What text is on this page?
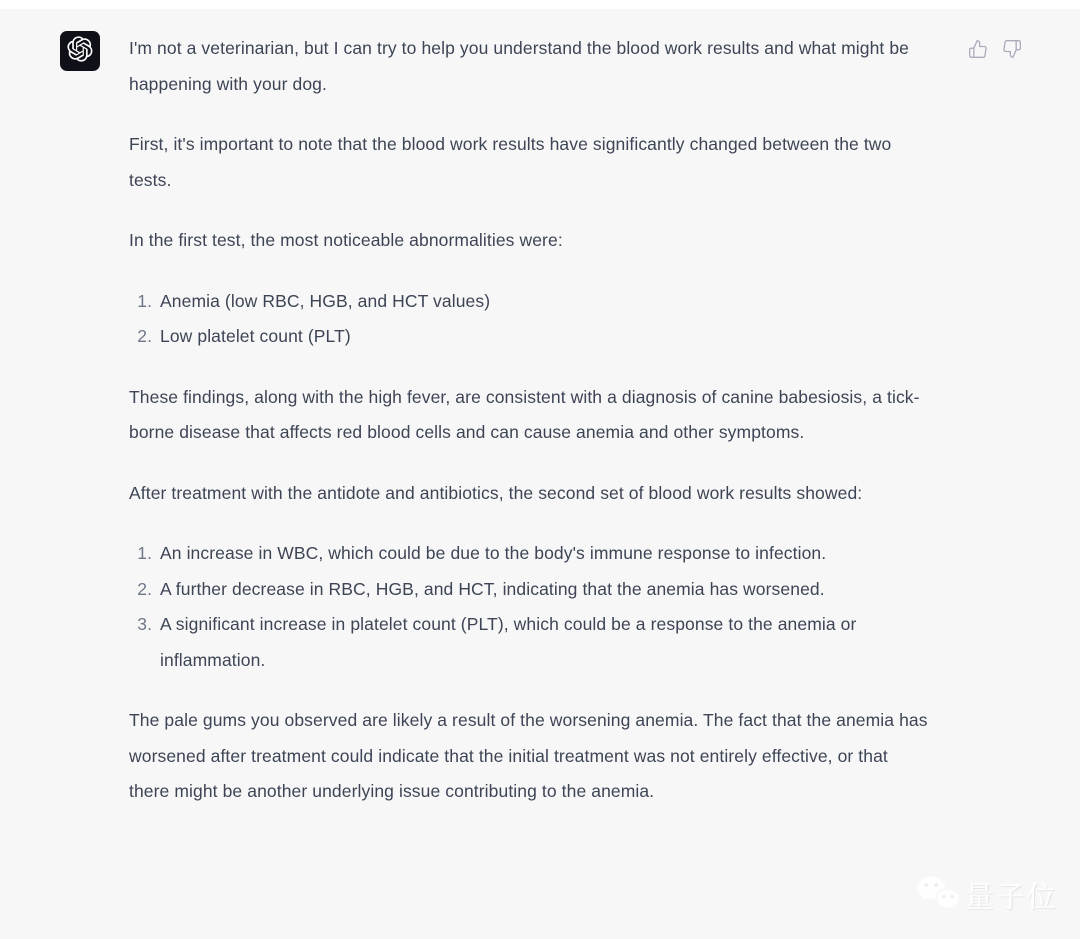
I'm not a veterinarian, but I can try to help you understand the blood work results and what might be happening with your dog.

First, it's important to note that the blood work results have significantly changed between the two tests.

In the first test, the most noticeable abnormalities were:

1. Anemia (low RBC, HGB, and HCT values)
2. Low platelet count (PLT)

These findings, along with the high fever, are consistent with a diagnosis of canine babesiosis, a tick-borne disease that affects red blood cells and can cause anemia and other symptoms.

After treatment with the antidote and antibiotics, the second set of blood work results showed:

1. An increase in WBC, which could be due to the body's immune response to infection.
2. A further decrease in RBC, HGB, and HCT, indicating that the anemia has worsened.
3. A significant increase in platelet count (PLT), which could be a response to the anemia or inflammation.

The pale gums you observed are likely a result of the worsening anemia. The fact that the anemia has worsened after treatment could indicate that the initial treatment was not entirely effective, or that there might be another underlying issue contributing to the anemia.

量子位
